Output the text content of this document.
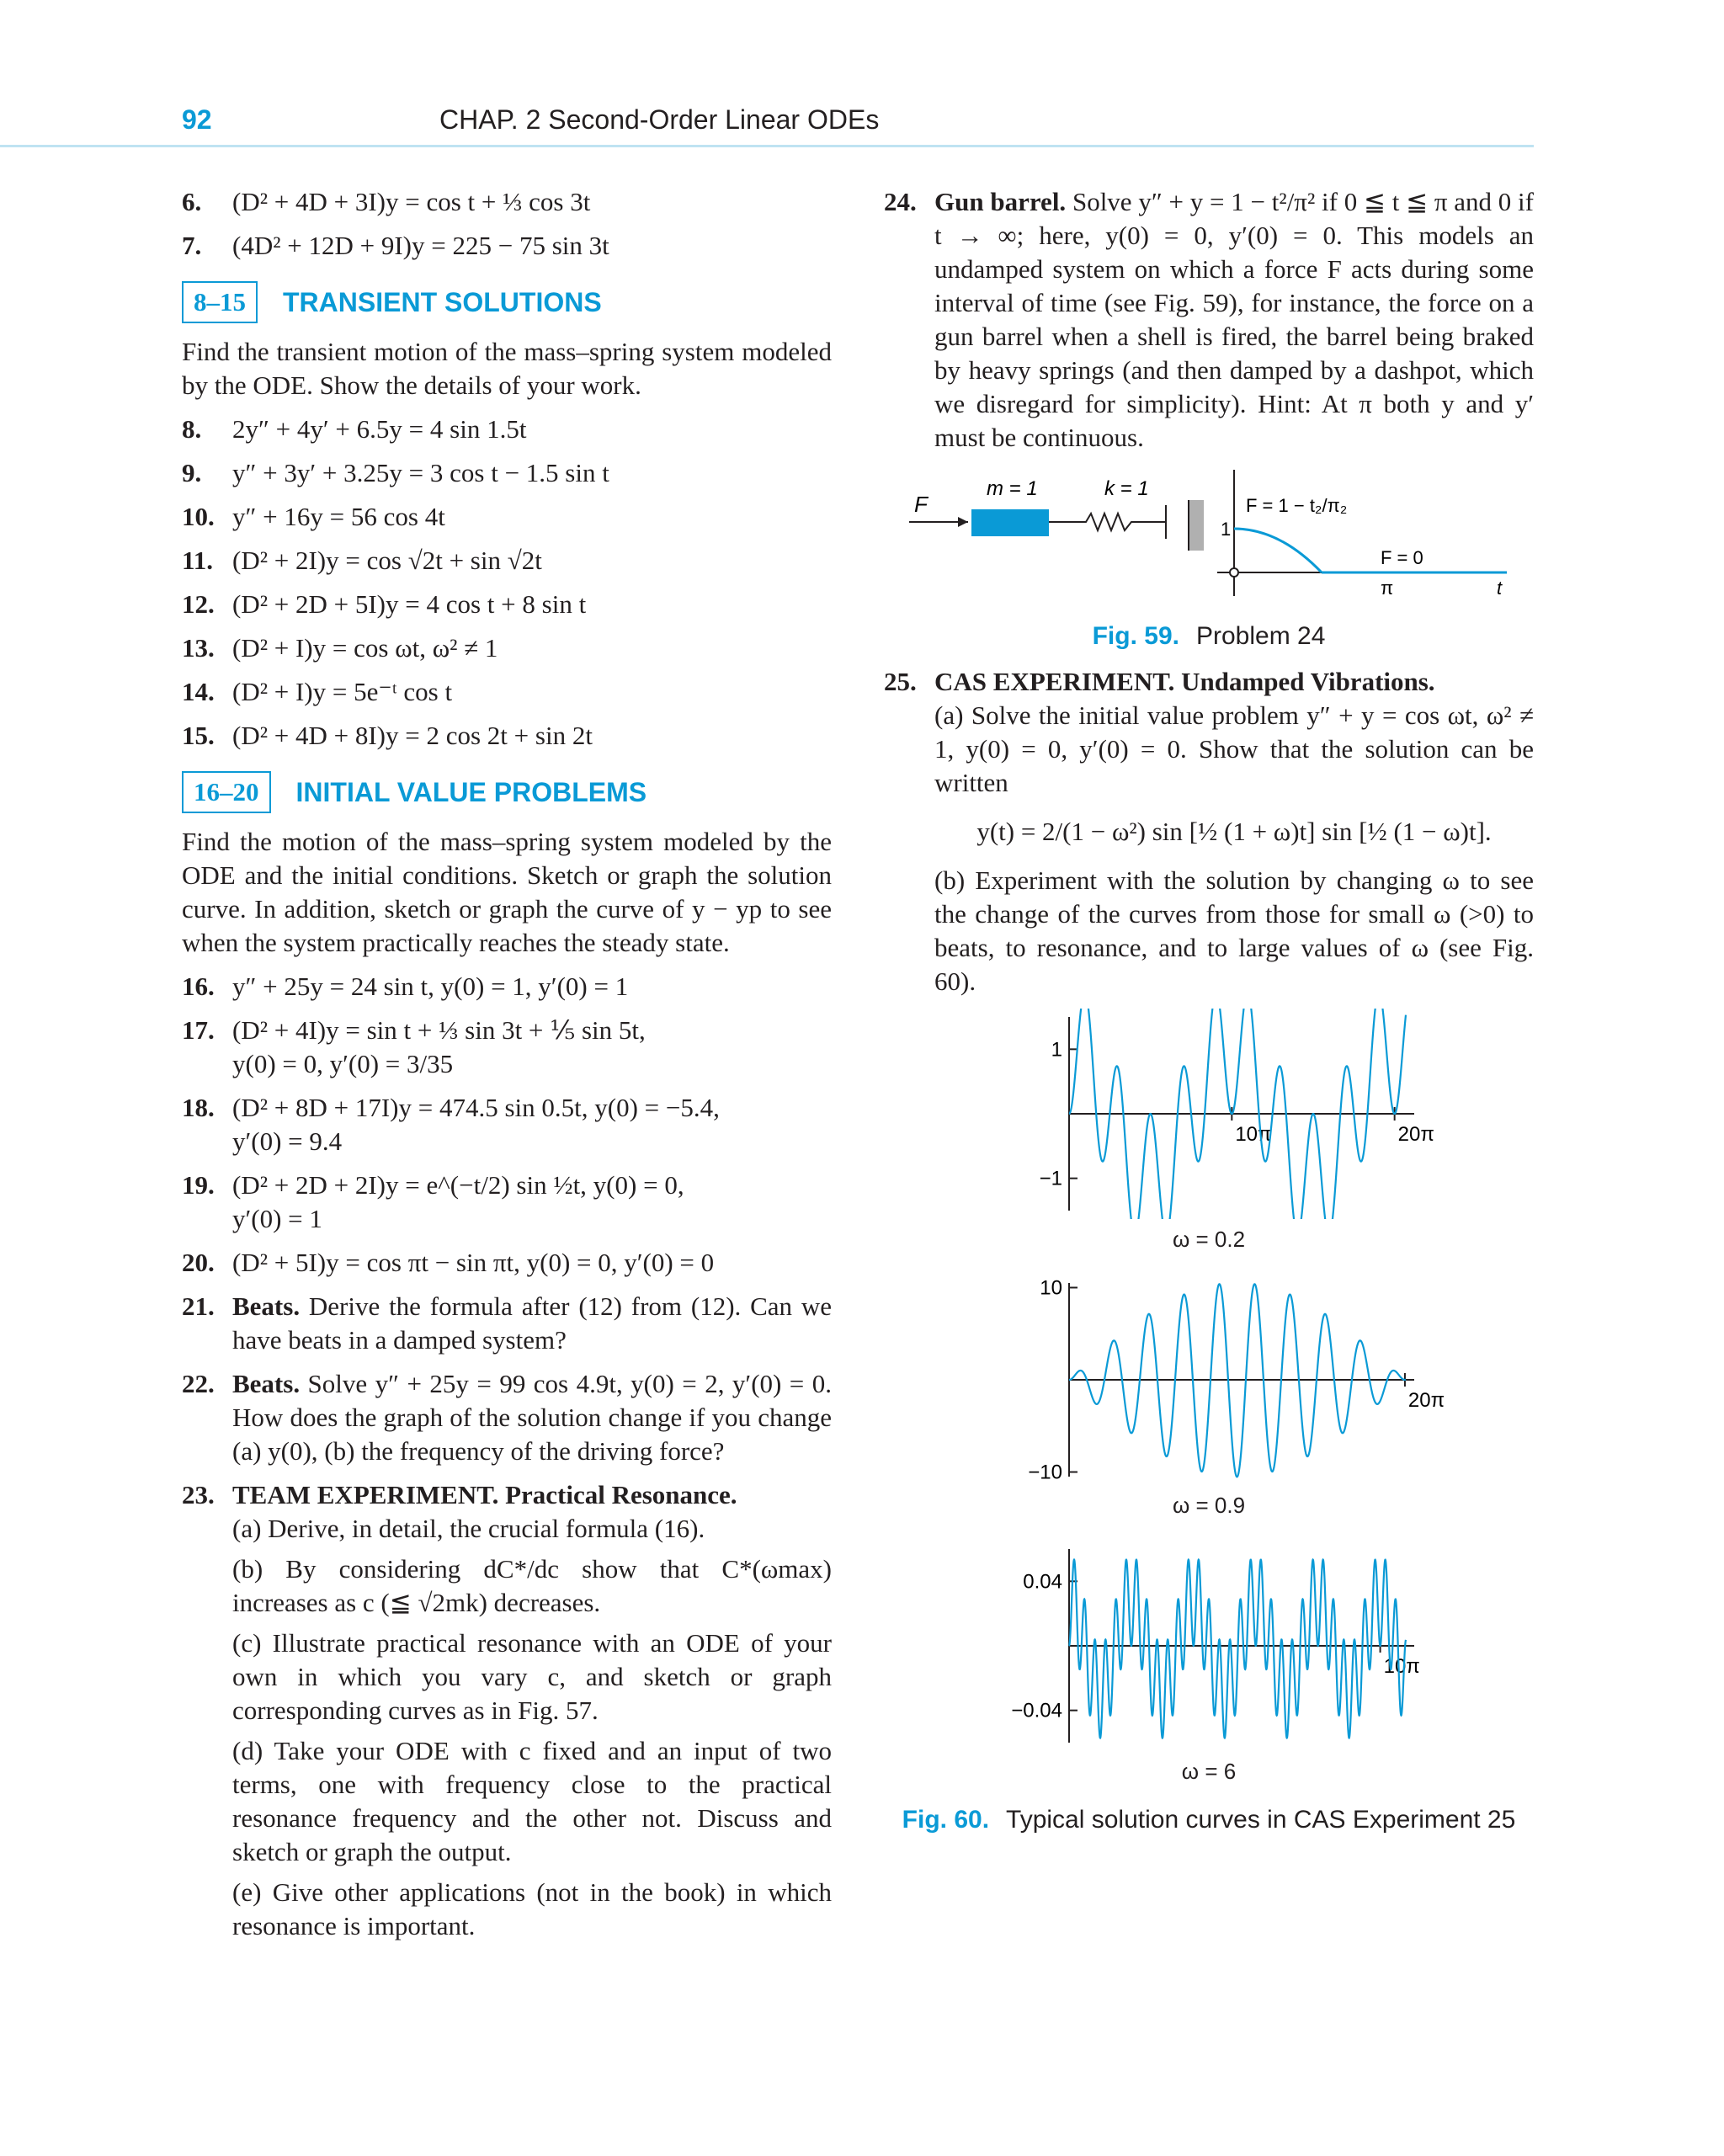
92	CHAP. 2 Second-Order Linear ODEs
6. (D² + 4D + 3I)y = cos t + ⅓ cos 3t
7. (4D² + 12D + 9I)y = 225 − 75 sin 3t
8–15	TRANSIENT SOLUTIONS
Find the transient motion of the mass–spring system modeled by the ODE. Show the details of your work.
8. 2y″ + 4y′ + 6.5y = 4 sin 1.5t
9. y″ + 3y′ + 3.25y = 3 cos t − 1.5 sin t
10. y″ + 16y = 56 cos 4t
11. (D² + 2I)y = cos √2t + sin √2t
12. (D² + 2D + 5I)y = 4 cos t + 8 sin t
13. (D² + I)y = cos ωt, ω² ≠ 1
14. (D² + I)y = 5e⁻ᵗ cos t
15. (D² + 4D + 8I)y = 2 cos 2t + sin 2t
16–20	INITIAL VALUE PROBLEMS
Find the motion of the mass–spring system modeled by the ODE and the initial conditions. Sketch or graph the solution curve. In addition, sketch or graph the curve of y − yp to see when the system practically reaches the steady state.
16. y″ + 25y = 24 sin t, y(0) = 1, y′(0) = 1
17. (D² + 4I)y = sin t + ⅓ sin 3t + ⅕ sin 5t,
y(0) = 0, y′(0) = 3/35
18. (D² + 8D + 17I)y = 474.5 sin 0.5t, y(0) = −5.4,
y′(0) = 9.4
19. (D² + 2D + 2I)y = e^(−t/2) sin ½t, y(0) = 0,
y′(0) = 1
20. (D² + 5I)y = cos πt − sin πt, y(0) = 0, y′(0) = 0
21. Beats. Derive the formula after (12) from (12). Can we have beats in a damped system?
22. Beats. Solve y″ + 25y = 99 cos 4.9t, y(0) = 2, y′(0) = 0. How does the graph of the solution change if you change (a) y(0), (b) the frequency of the driving force?
23. TEAM EXPERIMENT. Practical Resonance.
(a) Derive, in detail, the crucial formula (16).
(b) By considering dC*/dc show that C*(ωmax) increases as c (≦ √2mk) decreases.
(c) Illustrate practical resonance with an ODE of your own in which you vary c, and sketch or graph corresponding curves as in Fig. 57.
(d) Take your ODE with c fixed and an input of two terms, one with frequency close to the practical resonance frequency and the other not. Discuss and sketch or graph the output.
(e) Give other applications (not in the book) in which resonance is important.
24. Gun barrel. Solve y″ + y = 1 − t²/π² if 0 ≦ t ≦ π and 0 if t → ∞; here, y(0) = 0, y′(0) = 0. This models an undamped system on which a force F acts during some interval of time (see Fig. 59), for instance, the force on a gun barrel when a shell is fired, the barrel being braked by heavy springs (and then damped by a dashpot, which we disregard for simplicity). Hint: At π both y and y′ must be continuous.
F
m = 1	k = 1
1
F = 1 − t₂/π₂
F = 0
π	t
Fig. 59. Problem 24
25. CAS EXPERIMENT. Undamped Vibrations.
(a) Solve the initial value problem y″ + y = cos ωt, ω² ≠ 1, y(0) = 0, y′(0) = 0. Show that the solution can be written
y(t) = 2/(1 − ω²) sin [½ (1 + ω)t] sin [½ (1 − ω)t].
(b) Experiment with the solution by changing ω to see the change of the curves from those for small ω (>0) to beats, to resonance, and to large values of ω (see Fig. 60).
1
−1
10π	20π
ω = 0.2
10
−10
20π
ω = 0.9
0.04
−0.04
10π
ω = 6
Fig. 60. Typical solution curves in CAS Experiment 25
